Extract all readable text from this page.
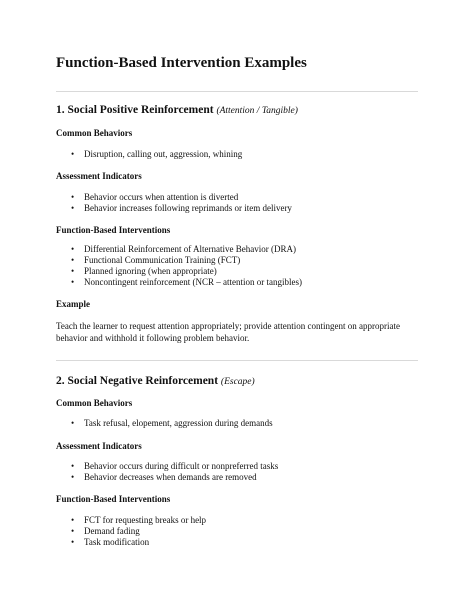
Function-Based Intervention Examples
1. Social Positive Reinforcement (Attention / Tangible)
Common Behaviors
• Disruption, calling out, aggression, whining
Assessment Indicators
• Behavior occurs when attention is diverted
• Behavior increases following reprimands or item delivery
Function-Based Interventions
• Differential Reinforcement of Alternative Behavior (DRA)
• Functional Communication Training (FCT)
• Planned ignoring (when appropriate)
• Noncontingent reinforcement (NCR – attention or tangibles)
Example

Teach the learner to request attention appropriately; provide attention contingent on appropriate behavior and withhold it following problem behavior.

2. Social Negative Reinforcement (Escape)
Common Behaviors
• Task refusal, elopement, aggression during demands
Assessment Indicators
• Behavior occurs during difficult or nonpreferred tasks
• Behavior decreases when demands are removed
Function-Based Interventions
• FCT for requesting breaks or help
• Demand fading
• Task modification
